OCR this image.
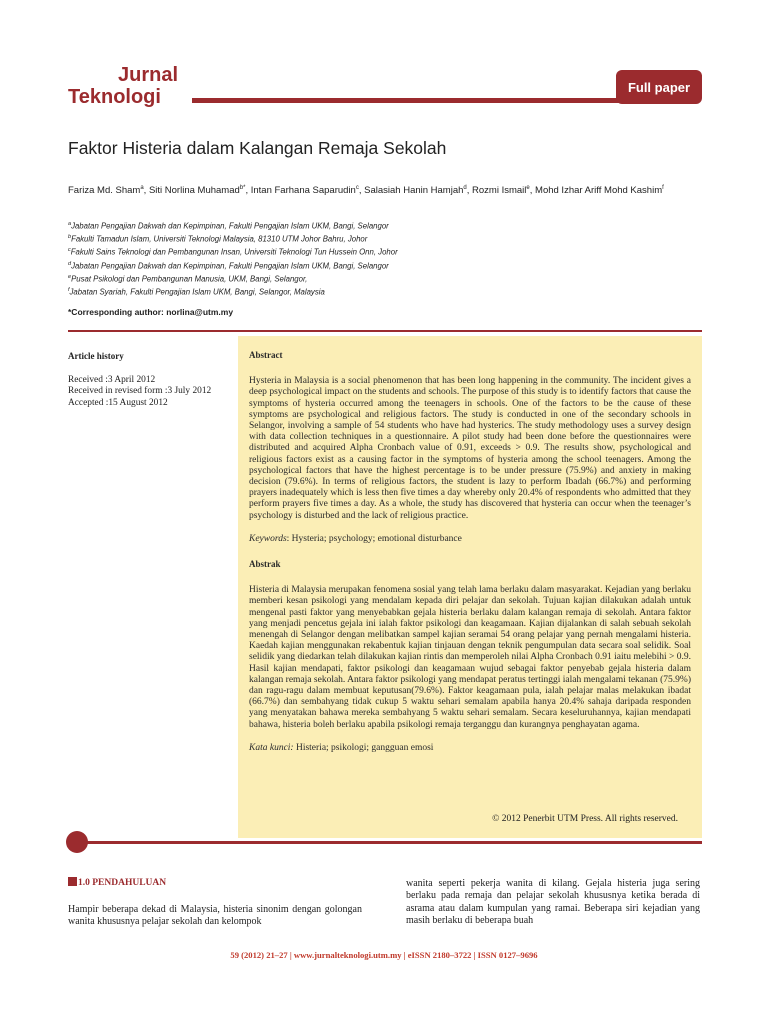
Jurnal
Teknologi	Full paper
Faktor Histeria dalam Kalangan Remaja Sekolah
Fariza Md. Sham$^a$, Siti Norlina Muhamad$^{b*}$, Intan Farhana Saparudin$^c$, Salasiah Hanin Hamjah$^d$, Rozmi Ismail$^e$, Mohd Izhar Ariff Mohd Kashim$^f$
$^a$Jabatan Pengajian Dakwah dan Kepimpinan, Fakulti Pengajian Islam UKM, Bangi, Selangor
$^b$Fakulti Tamadun Islam, Universiti Teknologi Malaysia, 81310 UTM Johor Bahru, Johor
$^c$Fakulti Sains Teknologi dan Pembangunan Insan, Universiti Teknologi Tun Hussein Onn, Johor
$^d$Jabatan Pengajian Dakwah dan Kepimpinan, Fakulti Pengajian Islam UKM, Bangi, Selangor
$^e$Pusat Psikologi dan Pembangunan Manusia, UKM, Bangi, Selangor,
$^f$Jabatan Syariah, Fakulti Pengajian Islam UKM, Bangi, Selangor, Malaysia
*Corresponding author: norlina@utm.my
Article history
Received :3 April 2012
Received in revised form :3 July 2012
Accepted :15 August 2012
Abstract

Hysteria in Malaysia is a social phenomenon that has been long happening in the community. The incident gives a deep psychological impact on the students and schools. The purpose of this study is to identify factors that cause the symptoms of hysteria occurred among the teenagers in schools. One of the factors to be the cause of these symptoms are psychological and religious factors. The study is conducted in one of the secondary schools in Selangor, involving a sample of 54 students who have had hysterics. The study methodology uses a survey design with data collection techniques in a questionnaire. A pilot study had been done before the questionnaires were distributed and acquired Alpha Cronbach value of 0.91, exceeds > 0.9. The results show, psychological and religious factors exist as a causing factor in the symptoms of hysteria among the school teenagers. Among the psychological factors that have the highest percentage is to be under pressure (75.9%) and anxiety in making decision (79.6%). In terms of religious factors, the student is lazy to perform Ibadah (66.7%) and performing prayers inadequately which is less then five times a day whereby only 20.4% of respondents who admitted that they perform prayers five times a day. As a whole, the study has discovered that hysteria can occur when the teenager’s psychology is disturbed and the lack of religious practice.

Keywords: Hysteria; psychology; emotional disturbance

Abstrak

Histeria di Malaysia merupakan fenomena sosial yang telah lama berlaku dalam masyarakat. Kejadian yang berlaku memberi kesan psikologi yang mendalam kepada diri pelajar dan sekolah. Tujuan kajian dilakukan adalah untuk mengenal pasti faktor yang menyebabkan gejala histeria berlaku dalam kalangan remaja di sekolah. Antara faktor yang menjadi pencetus gejala ini ialah faktor psikologi dan keagamaan. Kajian dijalankan di salah sebuah sekolah menengah di Selangor dengan melibatkan sampel kajian seramai 54 orang pelajar yang pernah mengalami histeria. Kaedah kajian menggunakan rekabentuk kajian tinjauan dengan teknik pengumpulan data secara soal selidik. Soal selidik yang diedarkan telah dilakukan kajian rintis dan memperoleh nilai Alpha Cronbach 0.91 iaitu melebihi > 0.9. Hasil kajian mendapati, faktor psikologi dan keagamaan wujud sebagai faktor penyebab gejala histeria dalam kalangan remaja sekolah. Antara faktor psikologi yang mendapat peratus tertinggi ialah mengalami tekanan (75.9%) dan ragu-ragu dalam membuat keputusan(79.6%). Faktor keagamaan pula, ialah pelajar malas melakukan ibadat (66.7%) dan sembahyang tidak cukup 5 waktu sehari semalam apabila hanya 20.4% sahaja daripada responden yang menyatakan bahawa mereka sembahyang 5 waktu sehari semalam. Secara keseluruhannya, kajian mendapati bahawa, histeria boleh berlaku apabila psikologi remaja terganggu dan kurangnya penghayatan agama.

Kata kunci: Histeria; psikologi; gangguan emosi

© 2012 Penerbit UTM Press. All rights reserved.
1.0 PENDAHULUAN
Hampir beberapa dekad di Malaysia, histeria sinonim dengan golongan wanita khususnya pelajar sekolah dan kelompok
wanita seperti pekerja wanita di kilang. Gejala histeria juga sering berlaku pada remaja dan pelajar sekolah khususnya ketika berada di asrama atau dalam kumpulan yang ramai. Beberapa siri kejadian yang masih berlaku di beberapa buah
59 (2012) 21–27 | www.jurnalteknologi.utm.my | eISSN 2180–3722 | ISSN 0127–9696
